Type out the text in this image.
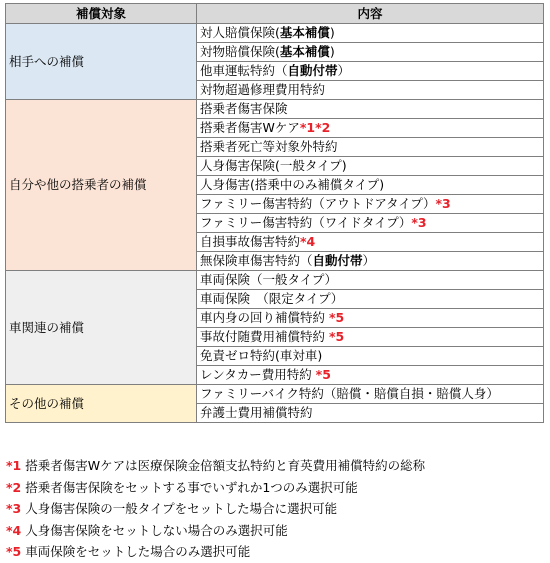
補償対象	内容
相手への補償	対人賠償保険(基本補償)
	対物賠償保険(基本補償)
	他車運転特約（自動付帯）
	対物超過修理費用特約
自分や他の搭乗者の補償	搭乗者傷害保険
	搭乗者傷害Wケア*1*2
	搭乗者死亡等対象外特約
	人身傷害保険(一般タイプ)
	人身傷害(搭乗中のみ補償タイプ)
	ファミリー傷害特約（アウトドアタイプ）*3
	ファミリー傷害特約（ワイドタイプ）*3
	自損事故傷害特約*4
	無保険車傷害特約（自動付帯）
車関連の補償	車両保険（一般タイプ）
	車両保険　（限定タイプ）
	車内身の回り補償特約 *5
	事故付随費用補償特約 *5
	免責ゼロ特約(車対車)
	レンタカー費用特約 *5
その他の補償	ファミリーバイク特約（賠償・賠償自損・賠償人身）
	弁護士費用補償特約
*1 搭乗者傷害Wケアは医療保険金倍額支払特約と育英費用補償特約の総称
*2 搭乗者傷害保険をセットする事でいずれか1つのみ選択可能
*3 人身傷害保険の一般タイプをセットした場合に選択可能
*4 人身傷害保険をセットしない場合のみ選択可能
*5 車両保険をセットした場合のみ選択可能
